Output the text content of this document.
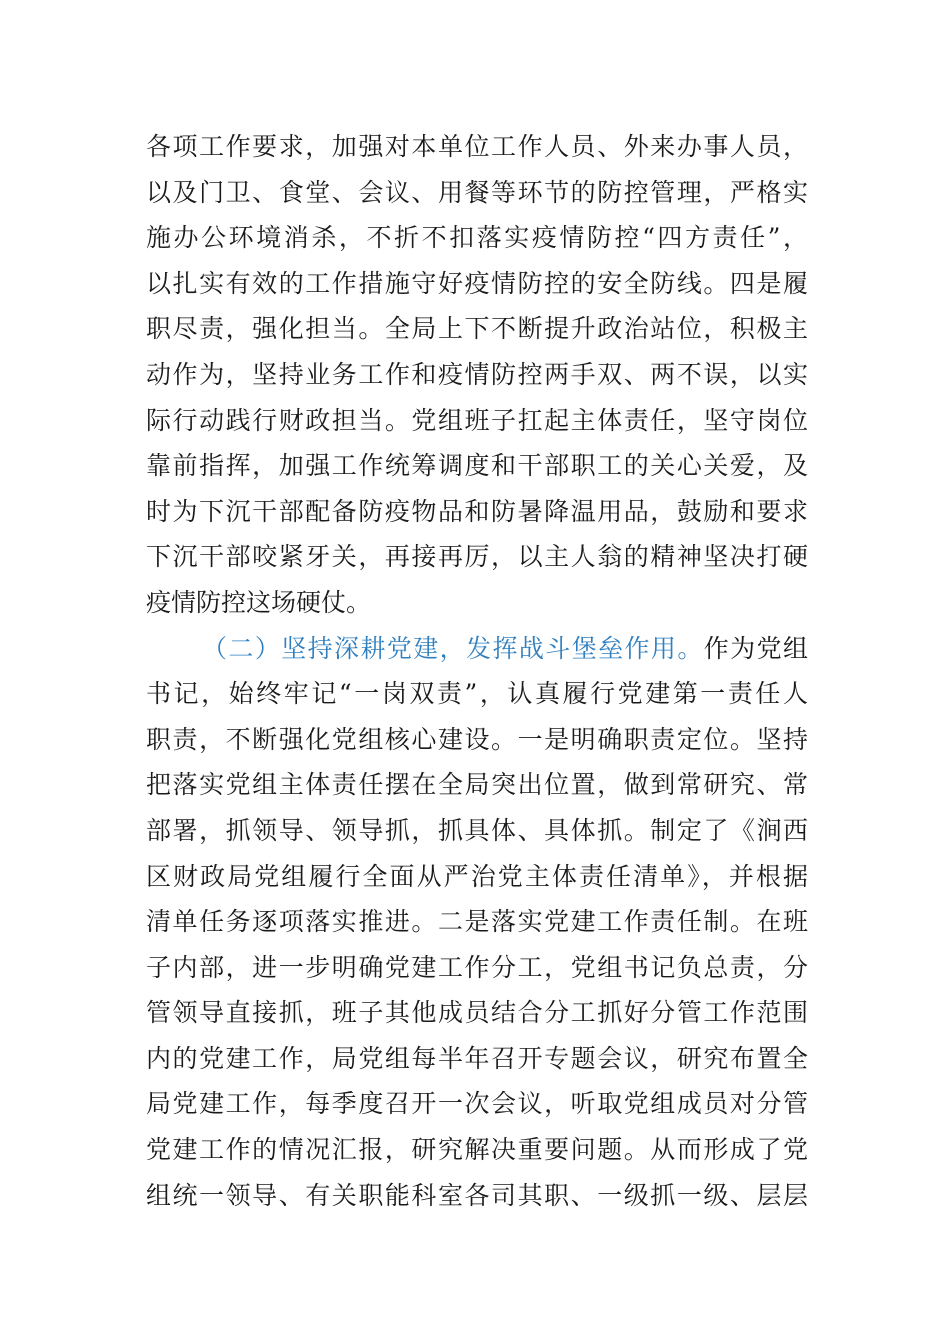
各项工作要求，加强对本单位工作人员、外来办事人员，
以及门卫、食堂、会议、用餐等环节的防控管理，严格实
施办公环境消杀，不折不扣落实疫情防控“四方责任”，
以扎实有效的工作措施守好疫情防控的安全防线。四是履
职尽责，强化担当。全局上下不断提升政治站位，积极主
动作为，坚持业务工作和疫情防控两手双、两不误，以实
际行动践行财政担当。党组班子扛起主体责任，坚守岗位
靠前指挥，加强工作统筹调度和干部职工的关心关爱，及
时为下沉干部配备防疫物品和防暑降温用品，鼓励和要求
下沉干部咬紧牙关，再接再厉，以主人翁的精神坚决打硬
疫情防控这场硬仗。
（二）坚持深耕党建，发挥战斗堡垒作用。作为党组
书记，始终牢记“一岗双责”，认真履行党建第一责任人
职责，不断强化党组核心建设。一是明确职责定位。坚持
把落实党组主体责任摆在全局突出位置，做到常研究、常
部署，抓领导、领导抓，抓具体、具体抓。制定了《涧西
区财政局党组履行全面从严治党主体责任清单》，并根据
清单任务逐项落实推进。二是落实党建工作责任制。在班
子内部，进一步明确党建工作分工，党组书记负总责，分
管领导直接抓，班子其他成员结合分工抓好分管工作范围
内的党建工作，局党组每半年召开专题会议，研究布置全
局党建工作，每季度召开一次会议，听取党组成员对分管
党建工作的情况汇报，研究解决重要问题。从而形成了党
组统一领导、有关职能科室各司其职、一级抓一级、层层
